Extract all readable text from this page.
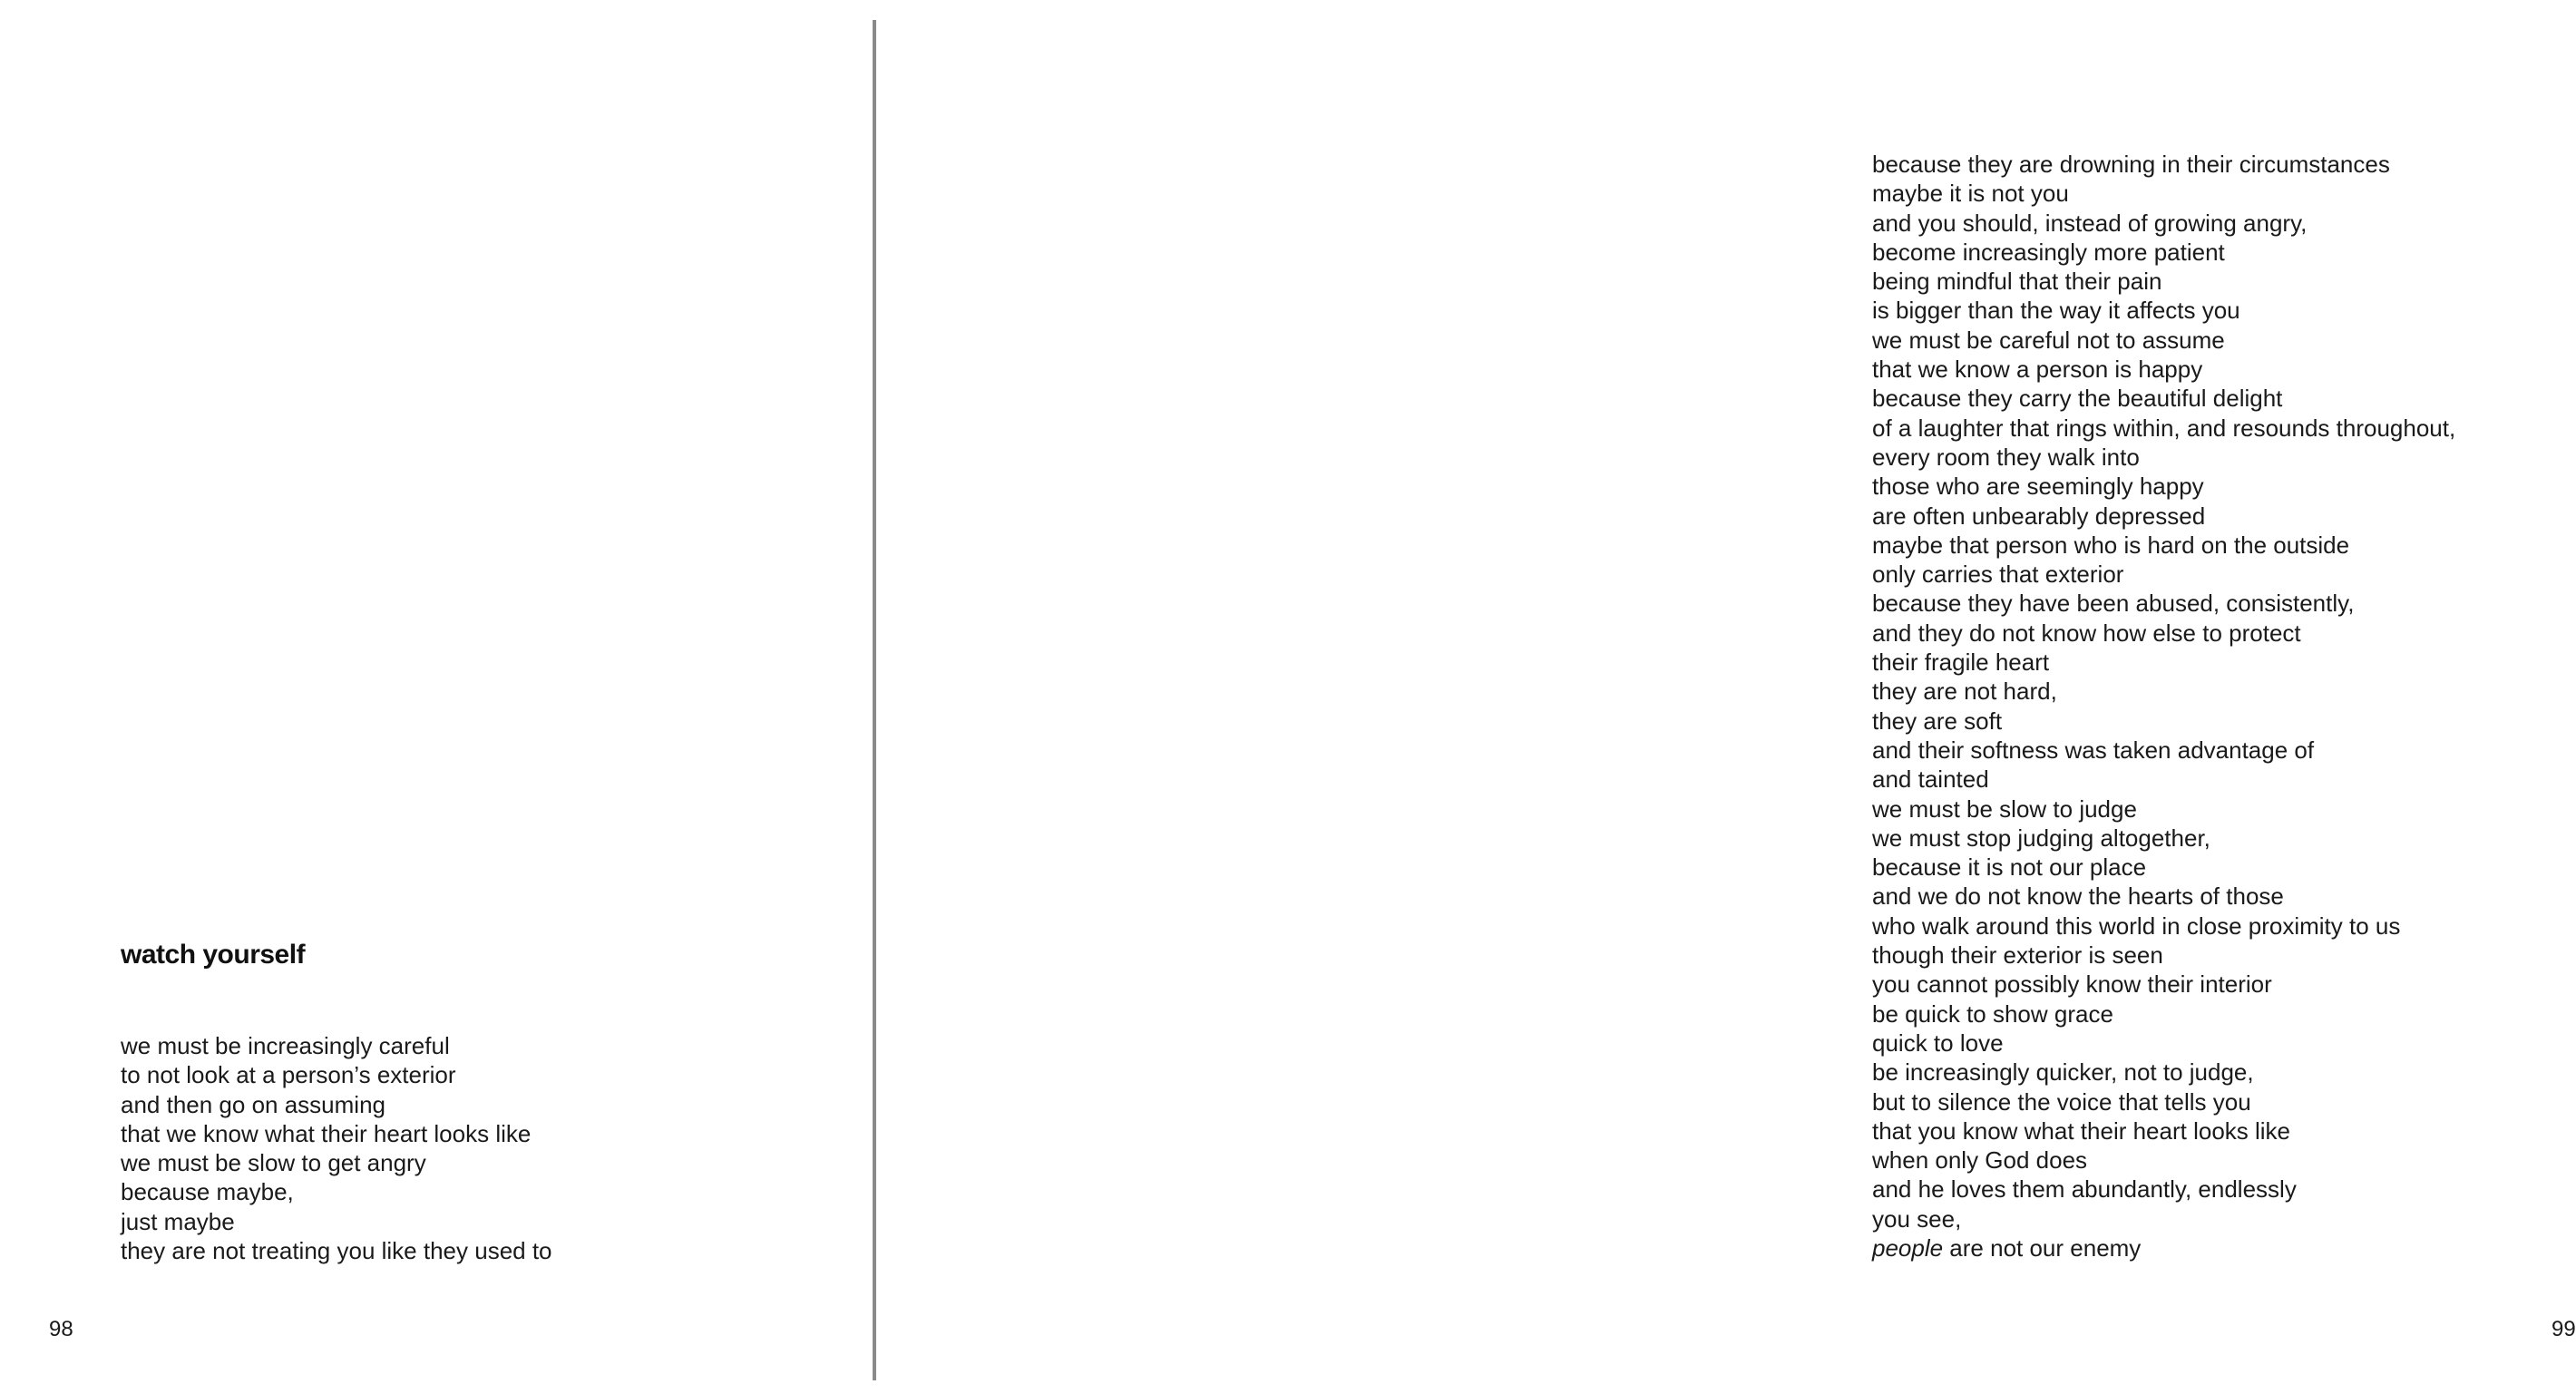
watch yourself
we must be increasingly careful
to not look at a person’s exterior
and then go on assuming
that we know what their heart looks like
we must be slow to get angry
because maybe,
just maybe
they are not treating you like they used to
98
because they are drowning in their circumstances
maybe it is not you
and you should, instead of growing angry,
become increasingly more patient
being mindful that their pain
is bigger than the way it affects you
we must be careful not to assume
that we know a person is happy
because they carry the beautiful delight
of a laughter that rings within, and resounds throughout,
every room they walk into
those who are seemingly happy
are often unbearably depressed
maybe that person who is hard on the outside
only carries that exterior
because they have been abused, consistently,
and they do not know how else to protect
their fragile heart
they are not hard,
they are soft
and their softness was taken advantage of
and tainted
we must be slow to judge
we must stop judging altogether,
because it is not our place
and we do not know the hearts of those
who walk around this world in close proximity to us
though their exterior is seen
you cannot possibly know their interior
be quick to show grace
quick to love
be increasingly quicker, not to judge,
but to silence the voice that tells you
that you know what their heart looks like
when only God does
and he loves them abundantly, endlessly
you see,
people are not our enemy
99
